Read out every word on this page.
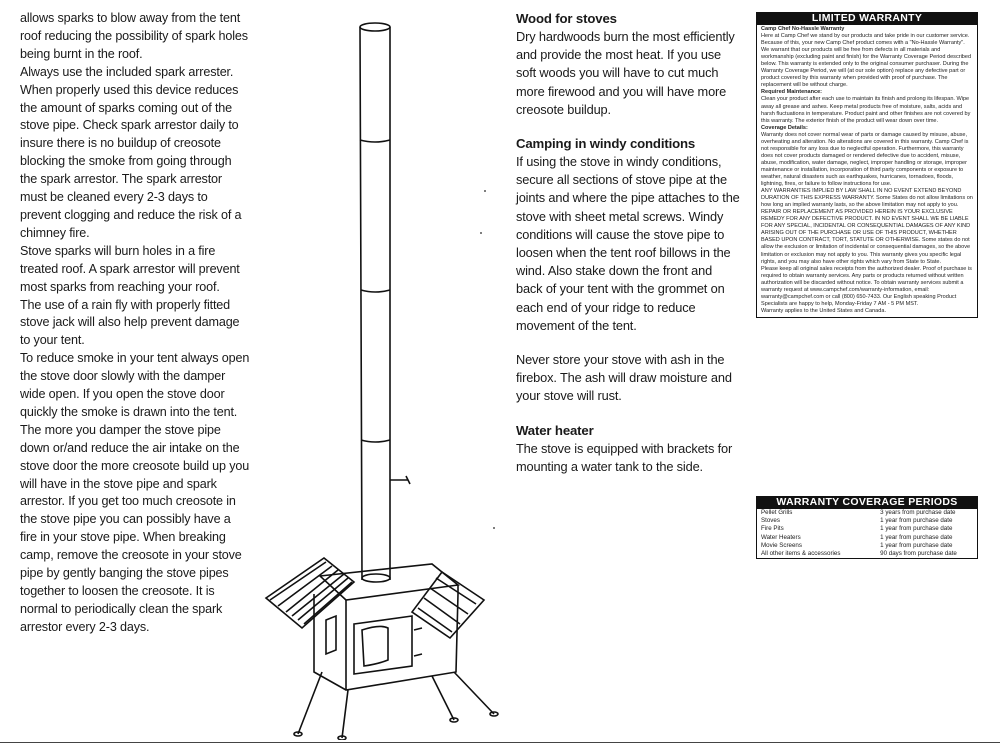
allows sparks to blow away from the tent roof reducing the possibility of spark holes being burnt in the roof.

Always use the included spark arrester. When properly used this device reduces the amount of sparks coming out of the stove pipe. Check spark arrestor daily to insure there is no buildup of creosote blocking the smoke from going through the spark arrestor. The spark arrestor must be cleaned every 2-3 days to prevent clogging and reduce the risk of a chimney fire.

Stove sparks will burn holes in a fire treated roof. A spark arrestor will prevent most sparks from reaching your roof.

The use of a rain fly with properly fitted stove jack will also help prevent damage to your tent.

To reduce smoke in your tent always open the stove door slowly with the damper wide open. If you open the stove door quickly the smoke is drawn into the tent. The more you damper the stove pipe down or/and reduce the air intake on the stove door the more creosote build up you will have in the stove pipe and spark arrestor. If you get too much creosote in the stove pipe you can possibly have a fire in your stove pipe. When breaking camp, remove the creosote in your stove pipe by gently banging the stove pipes together to loosen the creosote. It is normal to periodically clean the spark arrestor every 2-3 days.

Wood for stoves

Dry hardwoods burn the most efficiently and provide the most heat. If you use soft woods you will have to cut much more firewood and you will have more creosote buildup.

Camping in windy conditions

If using the stove in windy conditions, secure all sections of stove pipe at the joints and where the pipe attaches to the stove with sheet metal screws. Windy conditions will cause the stove pipe to loosen when the tent roof billows in the wind. Also stake down the front and back of your tent with the grommet on each end of your ridge to reduce movement of the tent.

Never store your stove with ash in the firebox. The ash will draw moisture and your stove will rust.

Water heater

The stove is equipped with brackets for mounting a water tank to the side.

LIMITED WARRANTY

Camp Chef No-Hassle Warranty

Here at Camp Chef we stand by our products and take pride in our customer service. Because of this, your new Camp Chef product comes with a "No-Hassle Warranty". We warrant that our products will be free from defects in all materials and workmanship (excluding paint and finish) for the Warranty Coverage Period described below. This warranty is extended only to the original consumer purchaser. During the Warranty Coverage Period, we will (at our sole option) replace any defective part or product covered by this warranty when provided with proof of purchase. The replacement will be without charge.

Required Maintenance:

Clean your product after each use to maintain its finish and prolong its lifespan. Wipe away all grease and ashes. Keep metal products free of moisture, salts, acids and harsh fluctuations in temperature. Product paint and other finishes are not covered by this warranty. The exterior finish of the product will wear down over time.

Coverage Details:

Warranty does not cover normal wear of parts or damage caused by misuse, abuse, overheating and alteration. No alterations are covered in this warranty. Camp Chef is not responsible for any loss due to neglectful operation. Furthermore, this warranty does not cover products damaged or rendered defective due to accident, misuse, abuse, modification, water damage, neglect, improper handling or storage, improper maintenance or installation, incorporation of third party components or exposure to weather, natural disasters such as earthquakes, hurricanes, tornadoes, floods, lightning, fires, or failure to follow instructions for use.

ANY WARRANTIES IMPLIED BY LAW SHALL IN NO EVENT EXTEND BEYOND DURATION OF THIS EXPRESS WARRANTY. Some States do not allow limitations on how long an implied warranty lasts, so the above limitation may not apply to you. REPAIR OR REPLACEMENT AS PROVIDED HEREIN IS YOUR EXCLUSIVE REMEDY FOR ANY DEFECTIVE PRODUCT. IN NO EVENT SHALL WE BE LIABLE FOR ANY SPECIAL, INCIDENTAL OR CONSEQUENTIAL DAMAGES OF ANY KIND ARISING OUT OF THE PURCHASE OR USE OF THIS PRODUCT, WHETHER BASED UPON CONTRACT, TORT, STATUTE OR OTHERWISE. Some states do not allow the exclusion or limitation of incidental or consequential damages, so the above limitation or exclusion may not apply to you. This warranty gives you specific legal rights, and you may also have other rights which vary from State to State.

Please keep all original sales receipts from the authorized dealer. Proof of purchase is required to obtain warranty services. Any parts or products returned without written authorization will be discarded without notice. To obtain warranty services submit a warranty request at www.campchef.com/warranty-information, email: warranty@campchef.com or call (800) 650-7433. Our English speaking Product Specialists are happy to help, Monday-Friday 7 AM - 5 PM MST.

Warranty applies to the United States and Canada.

WARRANTY COVERAGE PERIODS
Pellet Grills	3 years from purchase date
Stoves	1 year from purchase date
Fire Pits	1 year from purchase date
Water Heaters	1 year from purchase date
Movie Screens	1 year from purchase date
All other items & accessories	90 days from purchase date
